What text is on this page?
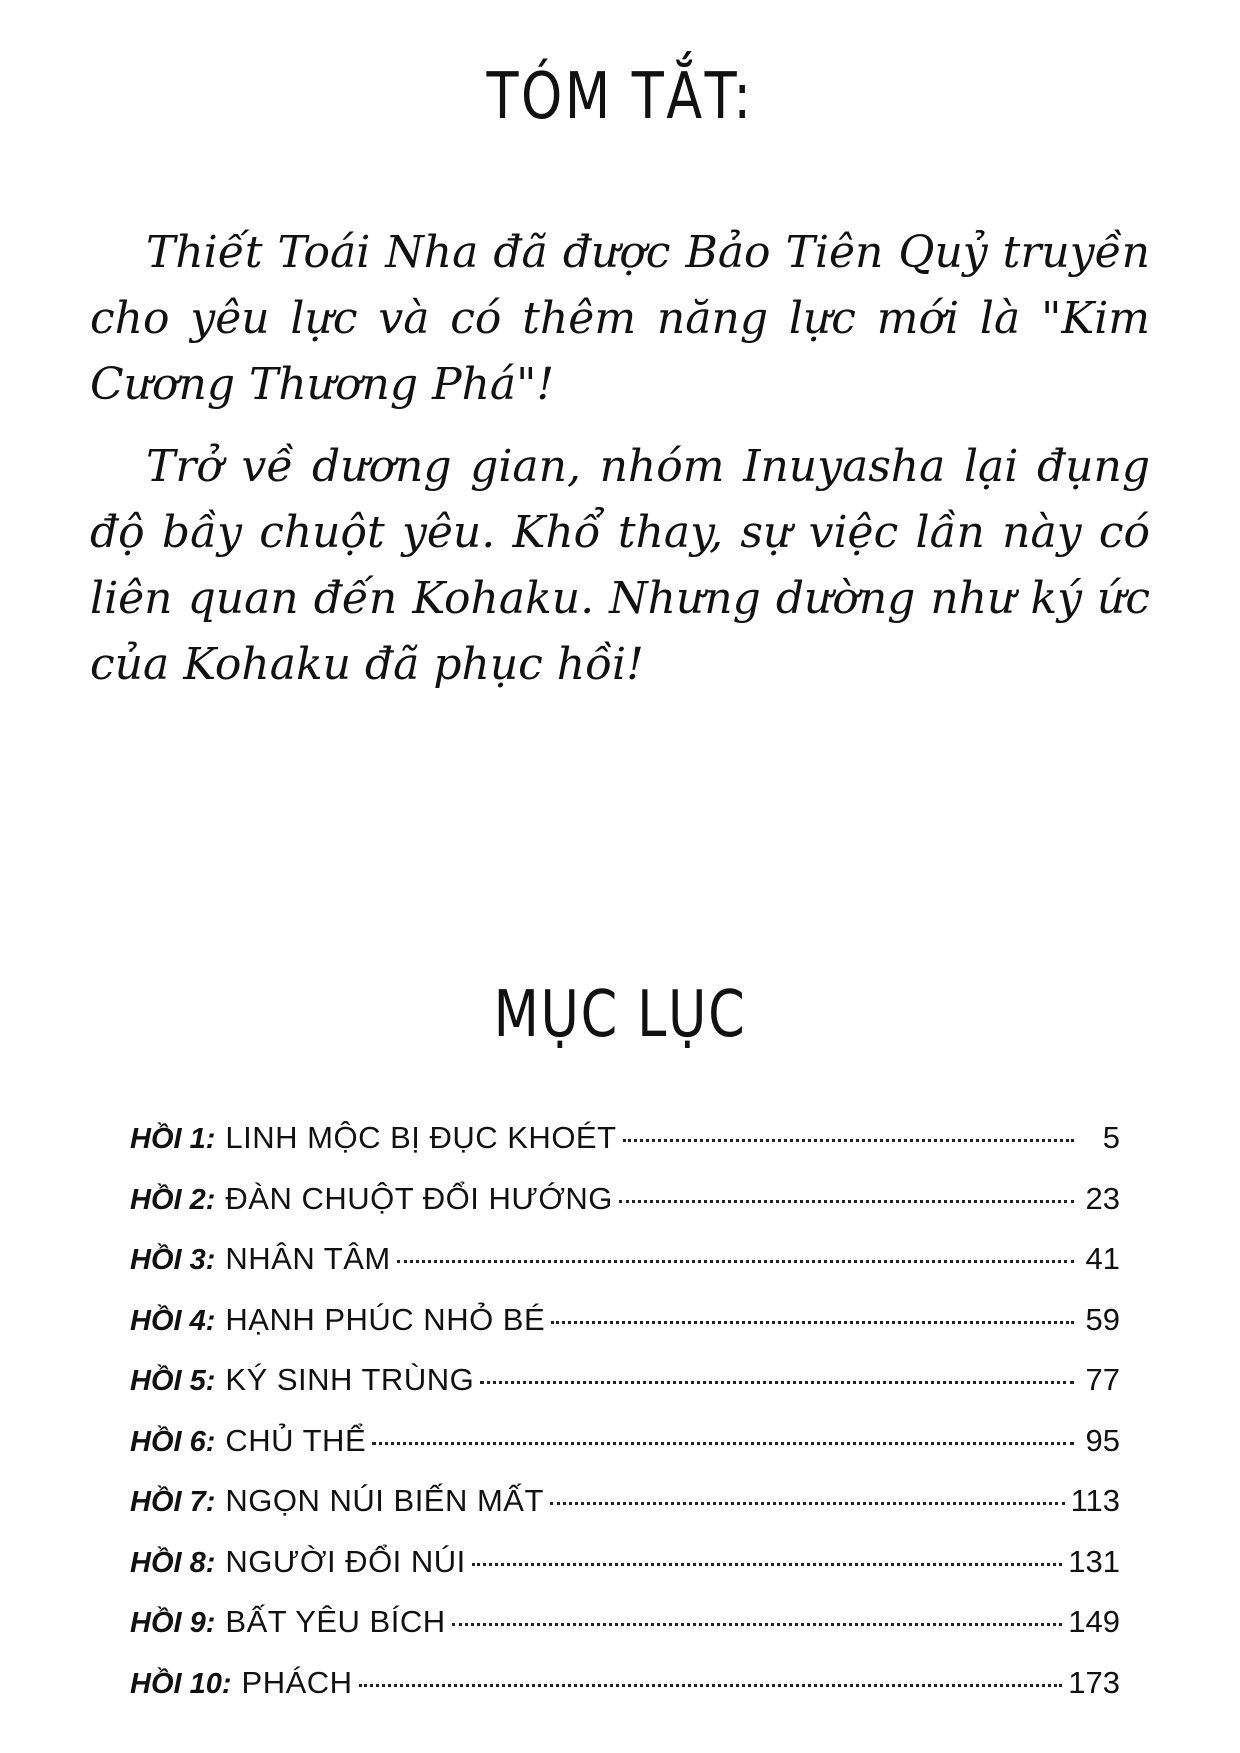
TÓM TẮT:

Thiết Toái Nha đã được Bảo Tiên Quỷ truyền cho yêu lực và có thêm năng lực mới là "Kim Cương Thương Phá"!

Trở về dương gian, nhóm Inuyasha lại đụng độ bầy chuột yêu. Khổ thay, sự việc lần này có liên quan đến Kohaku. Nhưng dường như ký ức của Kohaku đã phục hồi!

MỤC LỤC
HỒI 1: LINH MỘC BỊ ĐỤC KHOÉT	5
HỒI 2: ĐÀN CHUỘT ĐỔI HƯỚNG	23
HỒI 3: NHÂN TÂM	41
HỒI 4: HẠNH PHÚC NHỎ BÉ	59
HỒI 5: KÝ SINH TRÙNG	77
HỒI 6: CHỦ THỂ	95
HỒI 7: NGỌN NÚI BIẾN MẤT	113
HỒI 8: NGƯỜI ĐỔI NÚI	131
HỒI 9: BẤT YÊU BÍCH	149
HỒI 10: PHÁCH	173
